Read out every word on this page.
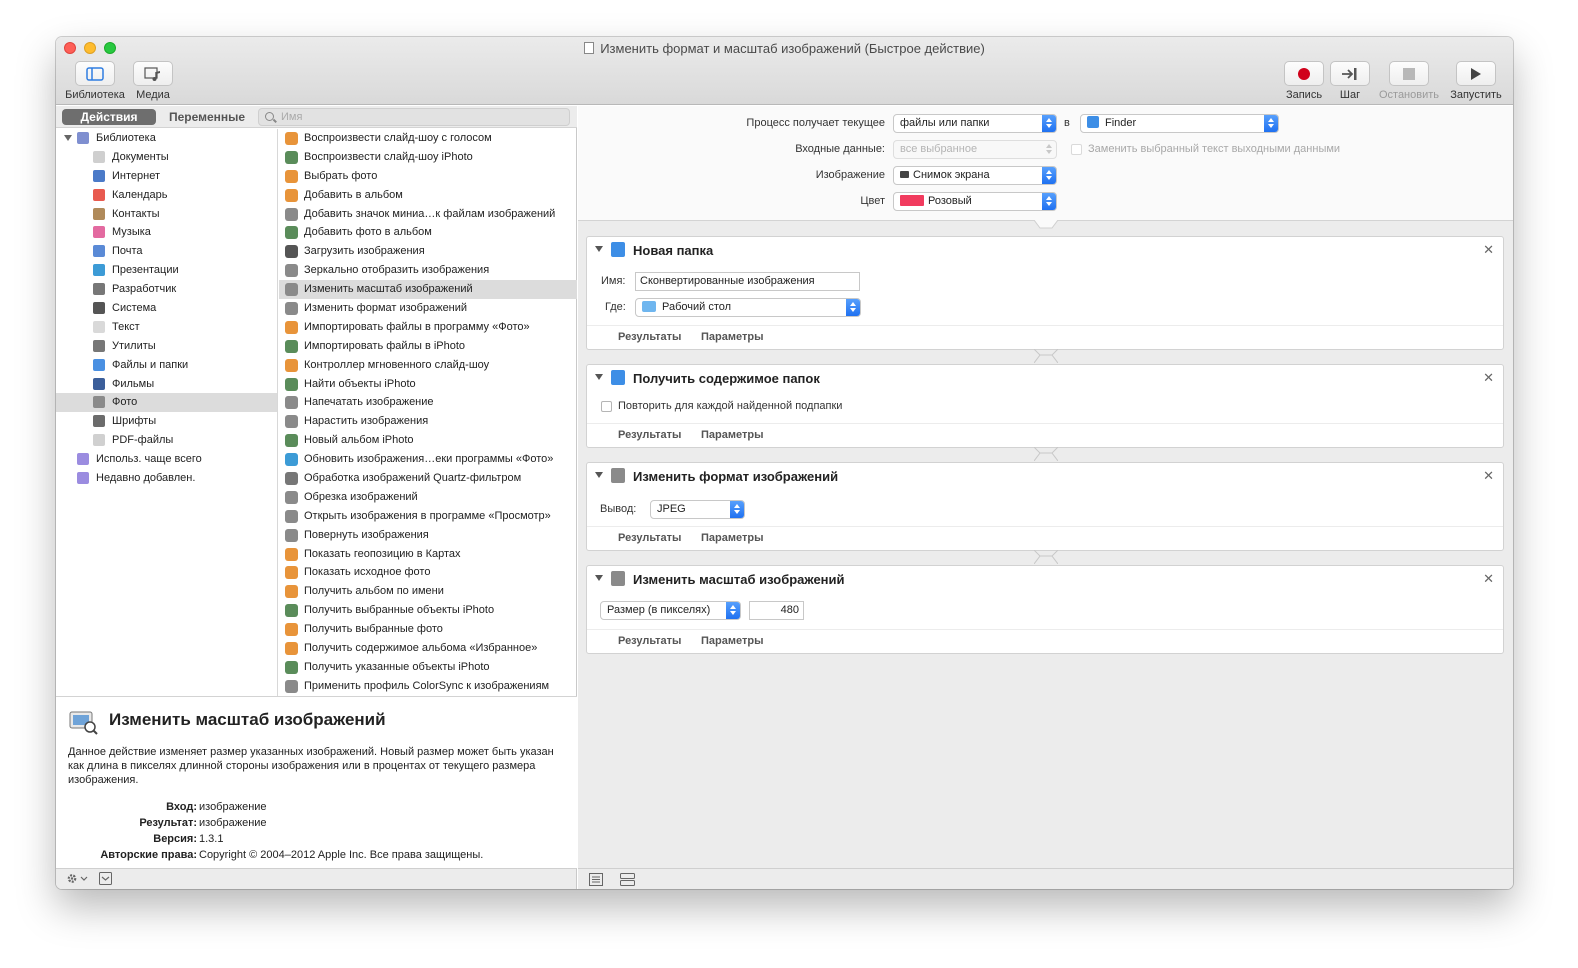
Изменить формат и масштаб изображений (Быстрое действие)
Библиотека	Медиа	Запись	Шаг	Остановить	Запустить
Действия	Переменные	Имя
Библиотека
Документы
Интернет
Календарь
Контакты
Музыка
Почта
Презентации
Разработчик
Система
Текст
Утилиты
Файлы и папки
Фильмы
Фото
Шрифты
PDF-файлы
Использ. чаще всего
Недавно добавлен.
Воспроизвести слайд-шоу с голосом
Воспроизвести слайд-шоу iPhoto
Выбрать фото
Добавить в альбом
Добавить значок миниа…к файлам изображений
Добавить фото в альбом
Загрузить изображения
Зеркально отобразить изображения
Изменить масштаб изображений
Изменить формат изображений
Импортировать файлы в программу «Фото»
Импортировать файлы в iPhoto
Контроллер мгновенного слайд-шоу
Найти объекты iPhoto
Напечатать изображение
Нарастить изображения
Новый альбом iPhoto
Обновить изображения…еки программы «Фото»
Обработка изображений Quartz-фильтром
Обрезка изображений
Открыть изображения в программе «Просмотр»
Повернуть изображения
Показать геопозицию в Картах
Показать исходное фото
Получить альбом по имени
Получить выбранные объекты iPhoto
Получить выбранные фото
Получить содержимое альбома «Избранное»
Получить указанные объекты iPhoto
Применить профиль ColorSync к изображениям
Изменить масштаб изображений
Данное действие изменяет размер указанных изображений. Новый размер может быть указан как длина в пикселях длинной стороны изображения или в процентах от текущего размера изображения.
Вход: изображение
Результат: изображение
Версия: 1.3.1
Авторские права: Copyright © 2004–2012 Apple Inc. Все права защищены.
Процесс получает текущее	файлы или папки	в	Finder
Входные данные:	все выбранное	Заменить выбранный текст выходными данными
Изображение	Снимок экрана
Цвет	Розовый
Новая папка	✕
Имя:	Сконвертированные изображения
Где:	Рабочий стол
Результаты Параметры
Получить содержимое папок	✕
Повторить для каждой найденной подпапки
Результаты Параметры
Изменить формат изображений	✕
Вывод:	JPEG
Результаты Параметры
Изменить масштаб изображений	✕
Размер (в пикселях)	480
Результаты Параметры
